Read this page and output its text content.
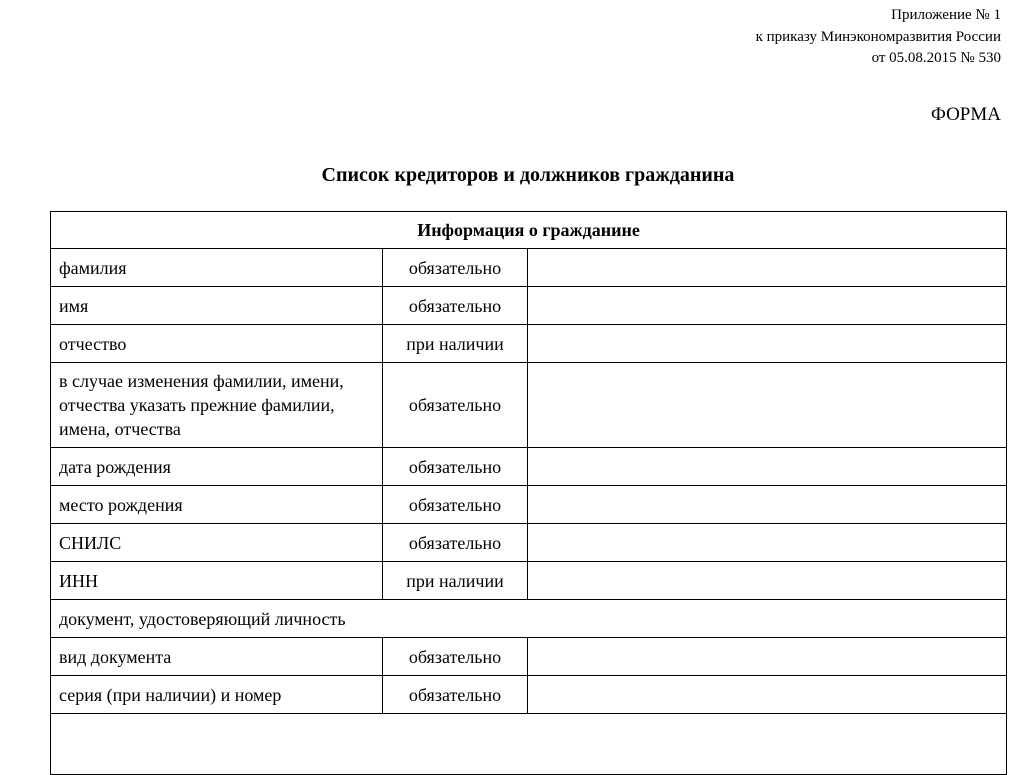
Приложение № 1
к приказу Минэкономразвития России
от 05.08.2015 № 530
ФОРМА
Список кредиторов и должников гражданина
Информация о гражданине		
фамилия	обязательно	
имя	обязательно	
отчество	при наличии	
в случае изменения фамилии, имени, отчества указать прежние фамилии, имена, отчества	обязательно	
дата рождения	обязательно	
место рождения	обязательно	
СНИЛС	обязательно	
ИНН	при наличии	
документ, удостоверяющий личность		
вид документа	обязательно	
серия (при наличии) и номер	обязательно	
